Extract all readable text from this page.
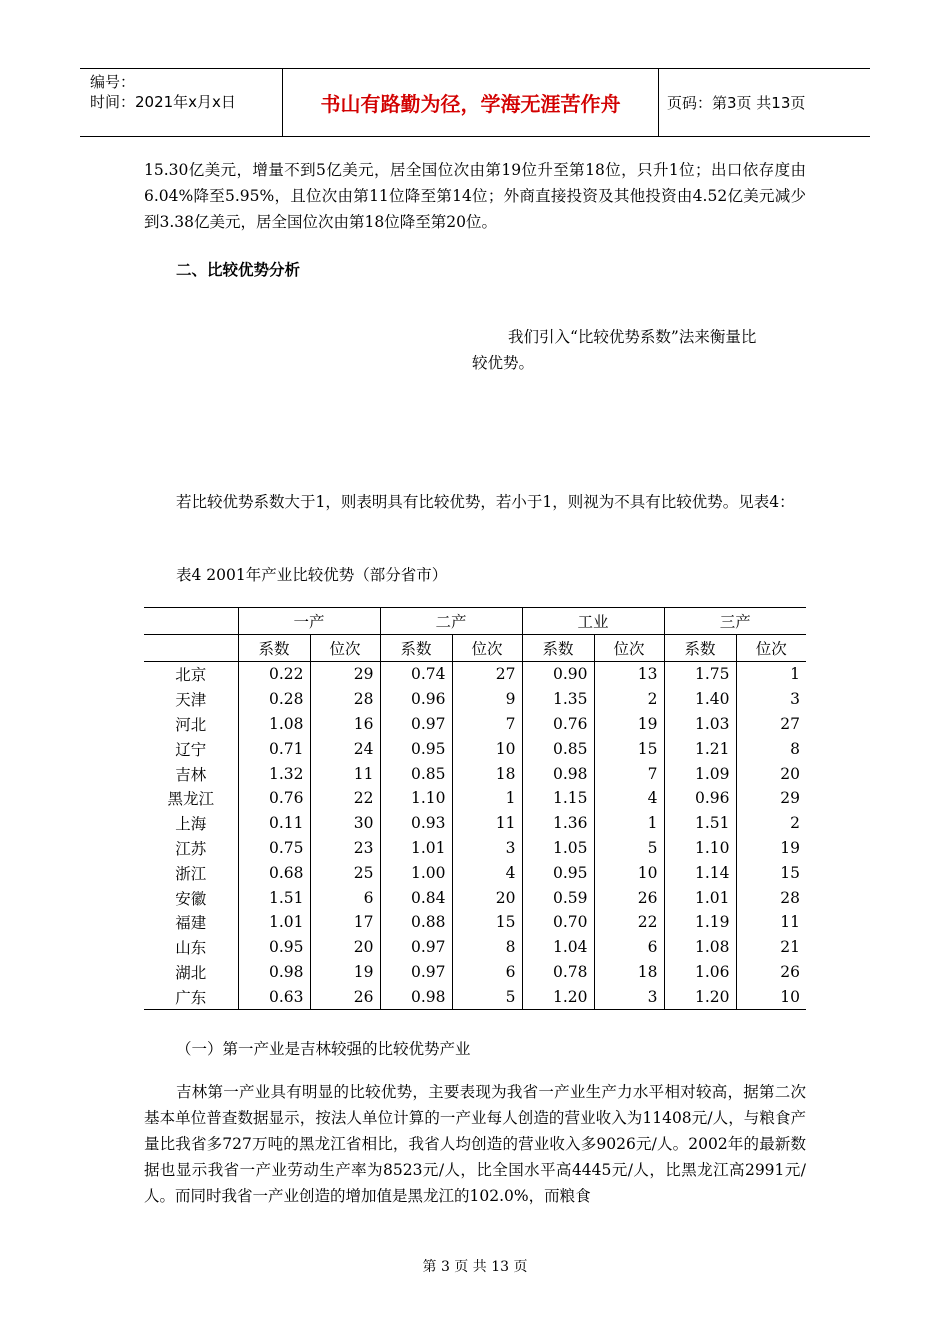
编号：
时间：2021年x月x日	书山有路勤为径，学海无涯苦作舟	页码：第3页 共13页

15.30亿美元，增量不到5亿美元，居全国位次由第19位升至第18位，只升1位；出口依存度由6.04%降至5.95%，且位次由第11位降至第14位；外商直接投资及其他投资由4.52亿美元减少到3.38亿美元，居全国位次由第18位降至第20位。

二、比较优势分析
我们引入“比较优势系数”法来衡量比
较优势。

若比较优势系数大于1，则表明具有比较优势，若小于1，则视为不具有比较优势。见表4：

表4 2001年产业比较优势（部分省市）
	一产		二产		工业		三产	
	系数	位次	系数	位次	系数	位次	系数	位次
北京	0.22	29	0.74	27	0.90	13	1.75	1
天津	0.28	28	0.96	9	1.35	2	1.40	3
河北	1.08	16	0.97	7	0.76	19	1.03	27
辽宁	0.71	24	0.95	10	0.85	15	1.21	8
吉林	1.32	11	0.85	18	0.98	7	1.09	20
黑龙江	0.76	22	1.10	1	1.15	4	0.96	29
上海	0.11	30	0.93	11	1.36	1	1.51	2
江苏	0.75	23	1.01	3	1.05	5	1.10	19
浙江	0.68	25	1.00	4	0.95	10	1.14	15
安徽	1.51	6	0.84	20	0.59	26	1.01	28
福建	1.01	17	0.88	15	0.70	22	1.19	11
山东	0.95	20	0.97	8	1.04	6	1.08	21
湖北	0.98	19	0.97	6	0.78	18	1.06	26
广东	0.63	26	0.98	5	1.20	3	1.20	10

（一）第一产业是吉林较强的比较优势产业

吉林第一产业具有明显的比较优势，主要表现为我省一产业生产力水平相对较高，据第二次基本单位普查数据显示，按法人单位计算的一产业每人创造的营业收入为11408元/人，与粮食产量比我省多727万吨的黑龙江省相比，我省人均创造的营业收入多9026元/人。2002年的最新数据也显示我省一产业劳动生产率为8523元/人，比全国水平高4445元/人，比黑龙江高2991元/人。而同时我省一产业创造的增加值是黑龙江的102.0%，而粮食

第 3 页 共 13 页
